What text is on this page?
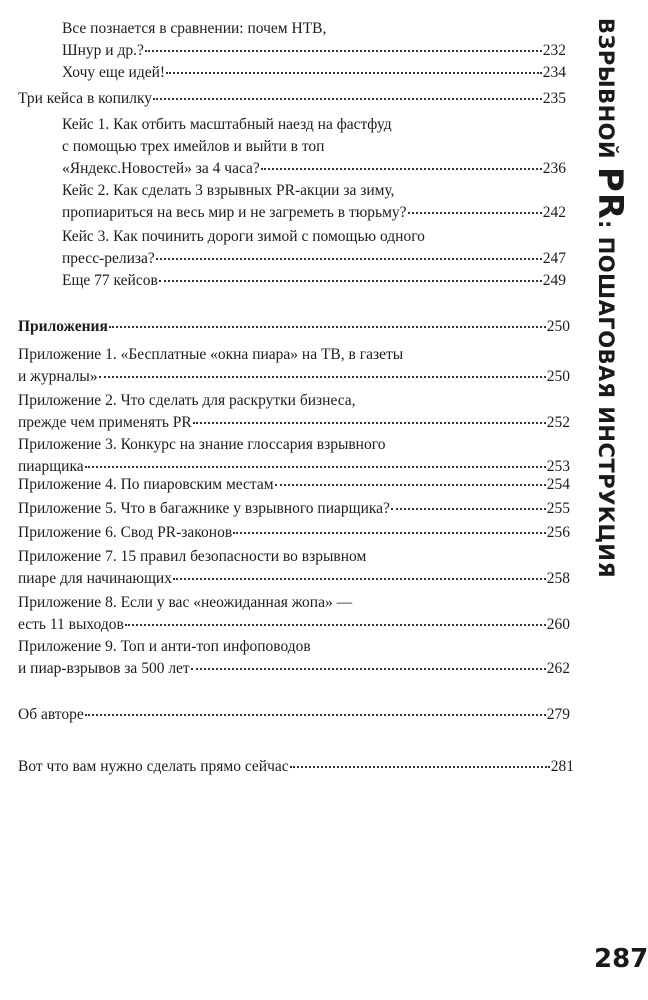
Все познается в сравнении: почем НТВ,
Шнур и др.?	232
Хочу еще идей!	234
Три кейса в копилку	235
Кейс 1. Как отбить масштабный наезд на фастфуд
с помощью трех имейлов и выйти в топ
«Яндекс.Новостей» за 4 часа?	236
Кейс 2. Как сделать 3 взрывных PR-акции за зиму,
пропиариться на весь мир и не загреметь в тюрьму?	242
Кейс 3. Как починить дороги зимой с помощью одного
пресс-релиза?	247
Еще 77 кейсов	249
Приложения	250
Приложение 1. «Бесплатные «окна пиара» на ТВ, в газеты
и журналы»	250
Приложение 2. Что сделать для раскрутки бизнеса,
прежде чем применять PR	252
Приложение 3. Конкурс на знание глоссария взрывного
пиарщика	253
Приложение 4. По пиаровским местам	254
Приложение 5. Что в багажнике у взрывного пиарщика?	255
Приложение 6. Свод PR-законов	256
Приложение 7. 15 правил безопасности во взрывном
пиаре для начинающих	258
Приложение 8. Если у вас «неожиданная жопа» —
есть 11 выходов	260
Приложение 9. Топ и анти-топ инфоповодов
и пиар-взрывов за 500 лет	262
Об авторе	279
Вот что вам нужно сделать прямо сейчас	281
ВЗРЫВНОЙ PR: ПОШАГОВАЯ ИНСТРУКЦИЯ
287
